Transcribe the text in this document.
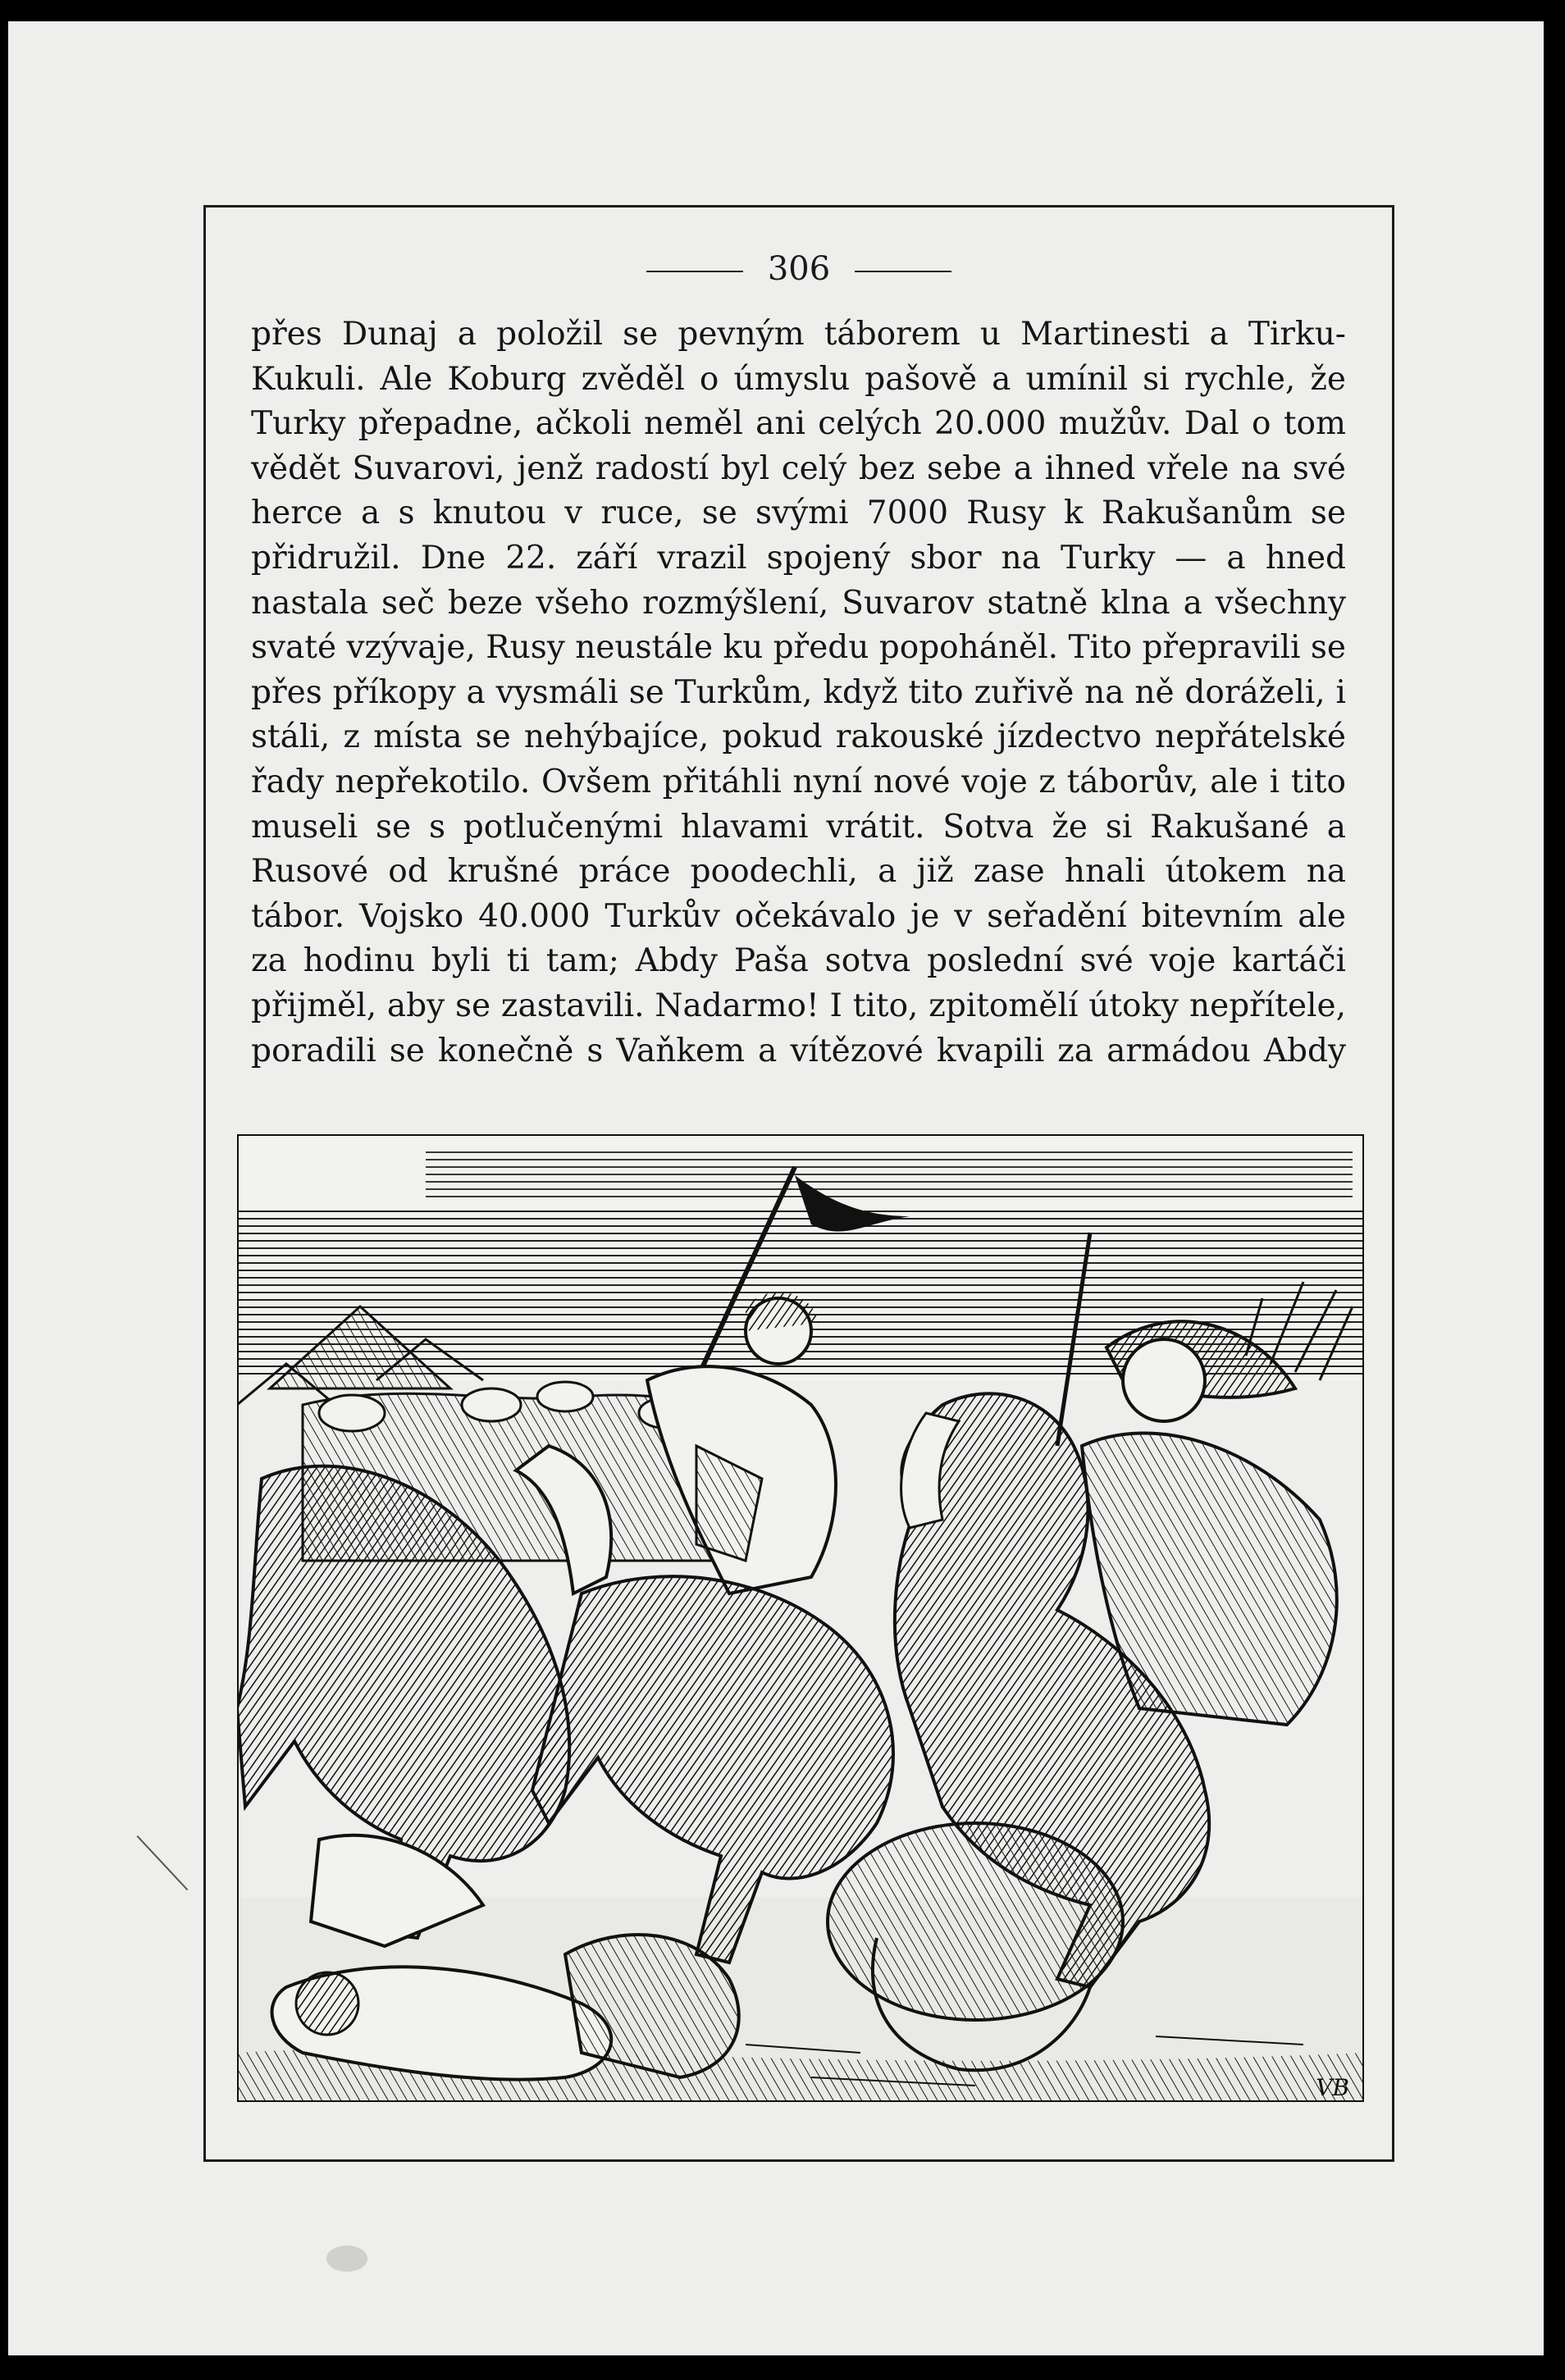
306

přes Dunaj a položil se pevným táborem u Martinesti a Tirku-Kukuli. Ale Koburg zvěděl o úmyslu pašově a umínil si rychle, že Turky přepadne, ačkoli neměl ani celých 20.000 mužův. Dal o tom vědět Suvarovi, jenž radostí byl celý bez sebe a ihned vřele na své herce a s knutou v ruce, se svými 7000 Rusy k Rakušanům se přidružil. Dne 22. září vrazil spojený sbor na Turky — a hned nastala seč beze všeho rozmýšlení, Suvarov statně klna a všechny svaté vzývaje, Rusy neustále ku předu popoháněl. Tito přepravili se přes příkopy a vysmáli se Turkům, když tito zuřivě na ně doráželi, i stáli, z místa se nehýbajíce, pokud rakouské jízdectvo nepřátelské řady nepřekotilo. Ovšem přitáhli nyní nové voje z táborův, ale i tito museli se s potlučenými hlavami vrátit. Sotva že si Rakušané a Rusové od krušné práce poodechli, a již zase hnali útokem na tábor. Vojsko 40.000 Turkův očekávalo je v seřadění bitevním ale za hodinu byli ti tam; Abdy Paša sotva poslední své voje kartáči přijměl, aby se zastavili. Nadarmo! I tito, zpitomělí útoky nepřítele, poradili se konečně s Vaňkem a vítězové kvapili za armádou Abdy

VB
